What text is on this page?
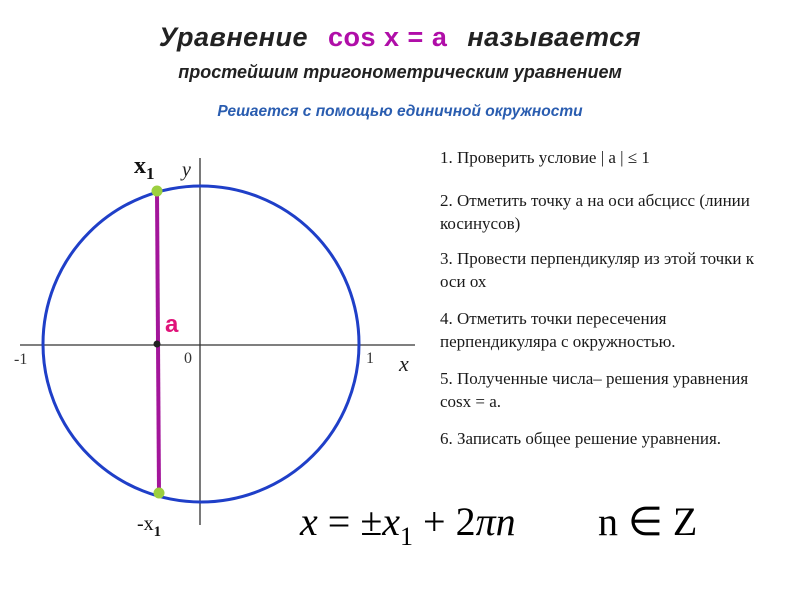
Уравнение cos x = a называется
простейшим тригонометрическим уравнением
Решается с помощью единичной окружности
y
x
-1	0	1
a
$x_1$
$-x_1$
1. Проверить условие | a | ≤ 1
2. Отметить точку a на оси абсцисс (линии косинусов)
3. Провести перпендикуляр из этой точки к оси ох
4. Отметить точки пересечения перпендикуляра с окружностью.
5. Полученные числа– решения уравнения cosx = a.
6. Записать общее решение уравнения.
$x = \pm x_1 + 2\pi n$ n ∈ Z
